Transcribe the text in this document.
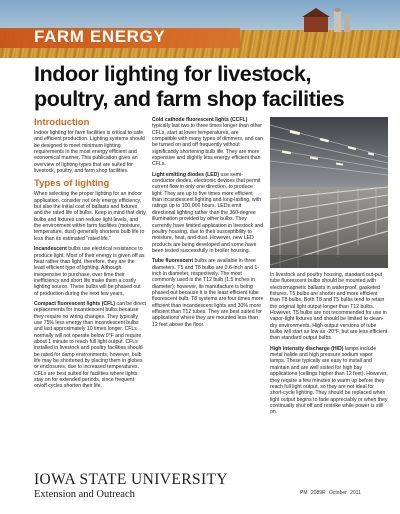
FARM ENERGY
Indoor lighting for livestock, poultry, and farm shop facilities
Introduction

Indoor lighting for farm facilities is critical to safe and efficient production. Lighting systems should be designed to meet minimum lighting requirements in the most energy efficient and economical manner. This publication gives an overview of lighting types that are suited for livestock, poultry, and farm shop facilities.

Types of lighting

When selecting the proper lighting for an indoor application, consider not only energy efficiency, but also the initial cost of ballasts and fixtures and the rated life of bulbs. Keep in mind that dirty bulbs and fixtures can reduce light levels, and the environment within farm facilities (moisture, temperature, dust) generally shortens bulb life to less than its estimated “rated life.”

Incandescent bulbs use electrical resistance to produce light. Most of their energy is given off as heat rather than light, therefore, they are the least efficient type of lighting. Although inexpensive to purchase, over time their inefficiency and short life make them a costly lighting source. These bulbs will be phased out of production during the next few years.

Compact fluorescent lights (CFL) can be direct replacements for incandescent bulbs because they require no wiring changes. They typically use 75% less energy than incandescent bulbs and last approximately 10 times longer. CFLs normally will not operate below 0°F and require about 1 minute to reach full light output. CFLs installed in livestock and poultry facilities should be rated for damp environments; however, bulb life may be shortened by placing them in globes or enclosures, due to increased temperatures. CFLs are best suited for facilities where lights stay on for extended periods, since frequent on/off cycles shorten their life.

Cold cathode fluorescent lights (CCFL) typically last two to three times longer than other CFLs, start at lower temperatures, are compatible with many types of dimmers, and can be turned on and off frequently without significantly shortening bulb life. They are more expensive and slightly less energy efficient than CFLs.

Light emitting diodes (LED) use semi-conductor diodes, electronic devices that permit current flow in only one direction, to produce light. They are up to five times more efficient than incandescent lighting and long-lasting, with ratings up to 100,000 hours. LEDs emit directional lighting rather than the 360-degree illumination provided by other bulbs. They currently have limited application in livestock and poultry housing, due to their susceptibility to moisture, heat, and dust. However, new LED products are being developed and some have been tested successfully in broiler housing.

Tube fluorescent bulbs are available in three diameters. T5 and T8 bulbs are 0.6-inch and 1-inch in diameter, respectively. The most commonly used is the T12 bulb (1.5 inches in diameter); however, its manufacture is being phased out because it is the least efficient tube fluorescent bulb. T8 systems are four times more efficient than incandescent lights and 30% more efficient than T12 tubes. They are best suited for applications where they are mounted less than 12 feet above the floor.

In livestock and poultry housing, standard out-put tube fluorescent bulbs should be mounted with electromagnetic ballasts in waterproof, gasketed fixtures. T5 bulbs are shorter and more efficient than T8 bulbs. Both T8 and T5 bulbs tend to retain the original light output longer than T12 bulbs. However, T5 bulbs are not recommended for use in vapor-tight fixtures and should be limited to clean-dry environments. High output versions of tube bulbs will start as low as -20°F, but are less efficient than standard output bulbs.

High intensity discharge (HID) lamps include metal halide and high pressure sodium vapor lamps. These typically are easy to install and maintain and are well suited for high bay applications (ceilings higher than 12 feet). However, they require a few minutes to warm up before they reach full light output, so they are not ideal for short-cycle lighting. They should be replaced when light output begins to fade appreciably or when they continually shut off and restrike while power is still on.

IOWA STATE UNIVERSITY
Extension and Outreach	PM 2089R October 2011
